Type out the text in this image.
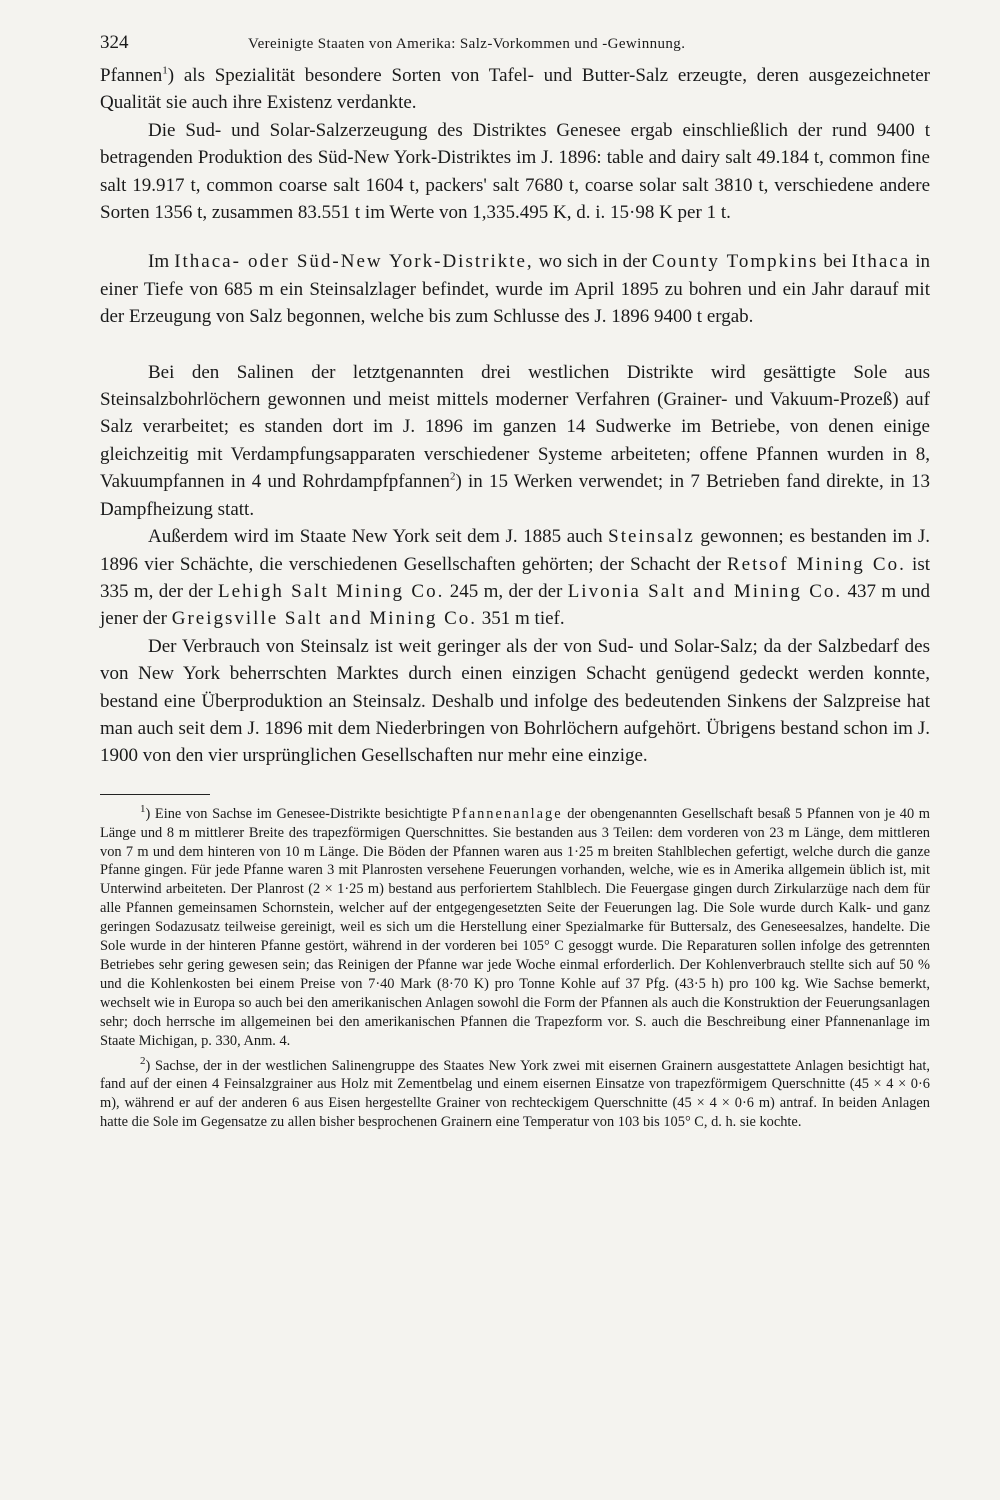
324	Vereinigte Staaten von Amerika: Salz-Vorkommen und -Gewinnung.

Pfannen$^1$) als Spezialität besondere Sorten von Tafel- und Butter-Salz erzeugte, deren ausgezeichneter Qualität sie auch ihre Existenz verdankte.

Die Sud- und Solar-Salzerzeugung des Distriktes Genesee ergab einschließlich der rund 9400 t betragenden Produktion des Süd-New York-Distriktes im J. 1896: table and dairy salt 49.184 t, common fine salt 19.917 t, common coarse salt 1604 t, packers' salt 7680 t, coarse solar salt 3810 t, verschiedene andere Sorten 1356 t, zusammen 83.551 t im Werte von 1,335.495 K, d. i. 15·98 K per 1 t.

Im Ithaca- oder Süd-New York-Distrikte, wo sich in der County Tompkins bei Ithaca in einer Tiefe von 685 m ein Steinsalzlager befindet, wurde im April 1895 zu bohren und ein Jahr darauf mit der Erzeugung von Salz begonnen, welche bis zum Schlusse des J. 1896 9400 t ergab.

Bei den Salinen der letztgenannten drei westlichen Distrikte wird gesättigte Sole aus Steinsalzbohrlöchern gewonnen und meist mittels moderner Verfahren (Grainer- und Vakuum-Prozeß) auf Salz verarbeitet; es standen dort im J. 1896 im ganzen 14 Sudwerke im Betriebe, von denen einige gleichzeitig mit Verdampfungsapparaten verschiedener Systeme arbeiteten; offene Pfannen wurden in 8, Vakuumpfannen in 4 und Rohrdampfpfannen$^2$) in 15 Werken verwendet; in 7 Betrieben fand direkte, in 13 Dampfheizung statt.

Außerdem wird im Staate New York seit dem J. 1885 auch Steinsalz gewonnen; es bestanden im J. 1896 vier Schächte, die verschiedenen Gesellschaften gehörten; der Schacht der Retsof Mining Co. ist 335 m, der der Lehigh Salt Mining Co. 245 m, der der Livonia Salt and Mining Co. 437 m und jener der Greigsville Salt and Mining Co. 351 m tief.

Der Verbrauch von Steinsalz ist weit geringer als der von Sud- und Solar-Salz; da der Salzbedarf des von New York beherrschten Marktes durch einen einzigen Schacht genügend gedeckt werden konnte, bestand eine Überproduktion an Steinsalz. Deshalb und infolge des bedeutenden Sinkens der Salzpreise hat man auch seit dem J. 1896 mit dem Niederbringen von Bohrlöchern aufgehört. Übrigens bestand schon im J. 1900 von den vier ursprünglichen Gesellschaften nur mehr eine einzige.

$^1$) Eine von Sachse im Genesee-Distrikte besichtigte Pfannenanlage der obengenannten Gesellschaft besaß 5 Pfannen von je 40 m Länge und 8 m mittlerer Breite des trapezförmigen Querschnittes. Sie bestanden aus 3 Teilen: dem vorderen von 23 m Länge, dem mittleren von 7 m und dem hinteren von 10 m Länge. Die Böden der Pfannen waren aus 1·25 m breiten Stahlblechen gefertigt, welche durch die ganze Pfanne gingen. Für jede Pfanne waren 3 mit Planrosten versehene Feuerungen vorhanden, welche, wie es in Amerika allgemein üblich ist, mit Unterwind arbeiteten. Der Planrost (2 × 1·25 m) bestand aus perforiertem Stahlblech. Die Feuergase gingen durch Zirkularzüge nach dem für alle Pfannen gemeinsamen Schornstein, welcher auf der entgegengesetzten Seite der Feuerungen lag. Die Sole wurde durch Kalk- und ganz geringen Sodazusatz teilweise gereinigt, weil es sich um die Herstellung einer Spezialmarke für Buttersalz, des Geneseesalzes, handelte. Die Sole wurde in der hinteren Pfanne gestört, während in der vorderen bei 105° C gesoggt wurde. Die Reparaturen sollen infolge des getrennten Betriebes sehr gering gewesen sein; das Reinigen der Pfanne war jede Woche einmal erforderlich. Der Kohlenverbrauch stellte sich auf 50 % und die Kohlenkosten bei einem Preise von 7·40 Mark (8·70 K) pro Tonne Kohle auf 37 Pfg. (43·5 h) pro 100 kg. Wie Sachse bemerkt, wechselt wie in Europa so auch bei den amerikanischen Anlagen sowohl die Form der Pfannen als auch die Konstruktion der Feuerungsanlagen sehr; doch herrsche im allgemeinen bei den amerikanischen Pfannen die Trapezform vor. S. auch die Beschreibung einer Pfannenanlage im Staate Michigan, p. 330, Anm. 4.

$^2$) Sachse, der in der westlichen Salinengruppe des Staates New York zwei mit eisernen Grainern ausgestattete Anlagen besichtigt hat, fand auf der einen 4 Feinsalzgrainer aus Holz mit Zementbelag und einem eisernen Einsatze von trapezförmigem Querschnitte (45 × 4 × 0·6 m), während er auf der anderen 6 aus Eisen hergestellte Grainer von rechteckigem Querschnitte (45 × 4 × 0·6 m) antraf. In beiden Anlagen hatte die Sole im Gegensatze zu allen bisher besprochenen Grainern eine Temperatur von 103 bis 105° C, d. h. sie kochte.
